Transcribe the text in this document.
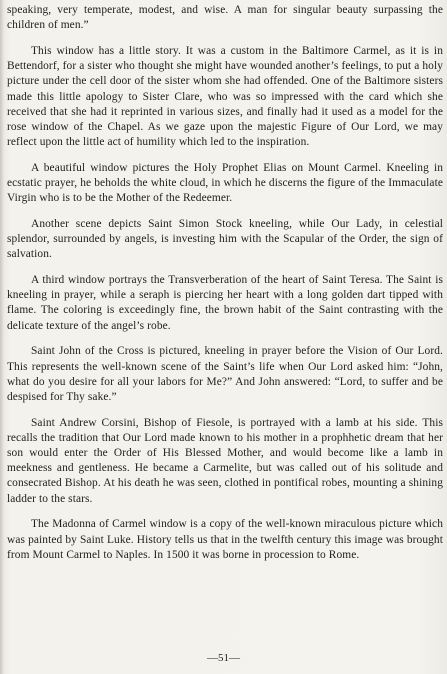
speaking, very temperate, modest, and wise. A man for singular beauty surpassing the children of men.”

This window has a little story. It was a custom in the Baltimore Carmel, as it is in Bettendorf, for a sister who thought she might have wounded another’s feelings, to put a holy picture under the cell door of the sister whom she had offended. One of the Baltimore sisters made this little apology to Sister Clare, who was so impressed with the card which she received that she had it reprinted in various sizes, and finally had it used as a model for the rose window of the Chapel. As we gaze upon the majestic Figure of Our Lord, we may reflect upon the little act of humility which led to the inspiration.

A beautiful window pictures the Holy Prophet Elias on Mount Carmel. Kneeling in ecstatic prayer, he beholds the white cloud, in which he discerns the figure of the Immaculate Virgin who is to be the Mother of the Redeemer.

Another scene depicts Saint Simon Stock kneeling, while Our Lady, in celestial splendor, surrounded by angels, is investing him with the Scapular of the Order, the sign of salvation.

A third window portrays the Transverberation of the heart of Saint Teresa. The Saint is kneeling in prayer, while a seraph is piercing her heart with a long golden dart tipped with flame. The coloring is exceedingly fine, the brown habit of the Saint contrasting with the delicate texture of the angel’s robe.

Saint John of the Cross is pictured, kneeling in prayer before the Vision of Our Lord. This represents the well-known scene of the Saint’s life when Our Lord asked him: “John, what do you desire for all your labors for Me?” And John answered: “Lord, to suffer and be despised for Thy sake.”

Saint Andrew Corsini, Bishop of Fiesole, is portrayed with a lamb at his side. This recalls the tradition that Our Lord made known to his mother in a prophhetic dream that her son would enter the Order of His Blessed Mother, and would become like a lamb in meekness and gentleness. He became a Carmelite, but was called out of his solitude and consecrated Bishop. At his death he was seen, clothed in pontifical robes, mounting a shining ladder to the stars.

The Madonna of Carmel window is a copy of the well-known miraculous picture which was painted by Saint Luke. History tells us that in the twelfth century this image was brought from Mount Carmel to Naples. In 1500 it was borne in procession to Rome.

—51—
